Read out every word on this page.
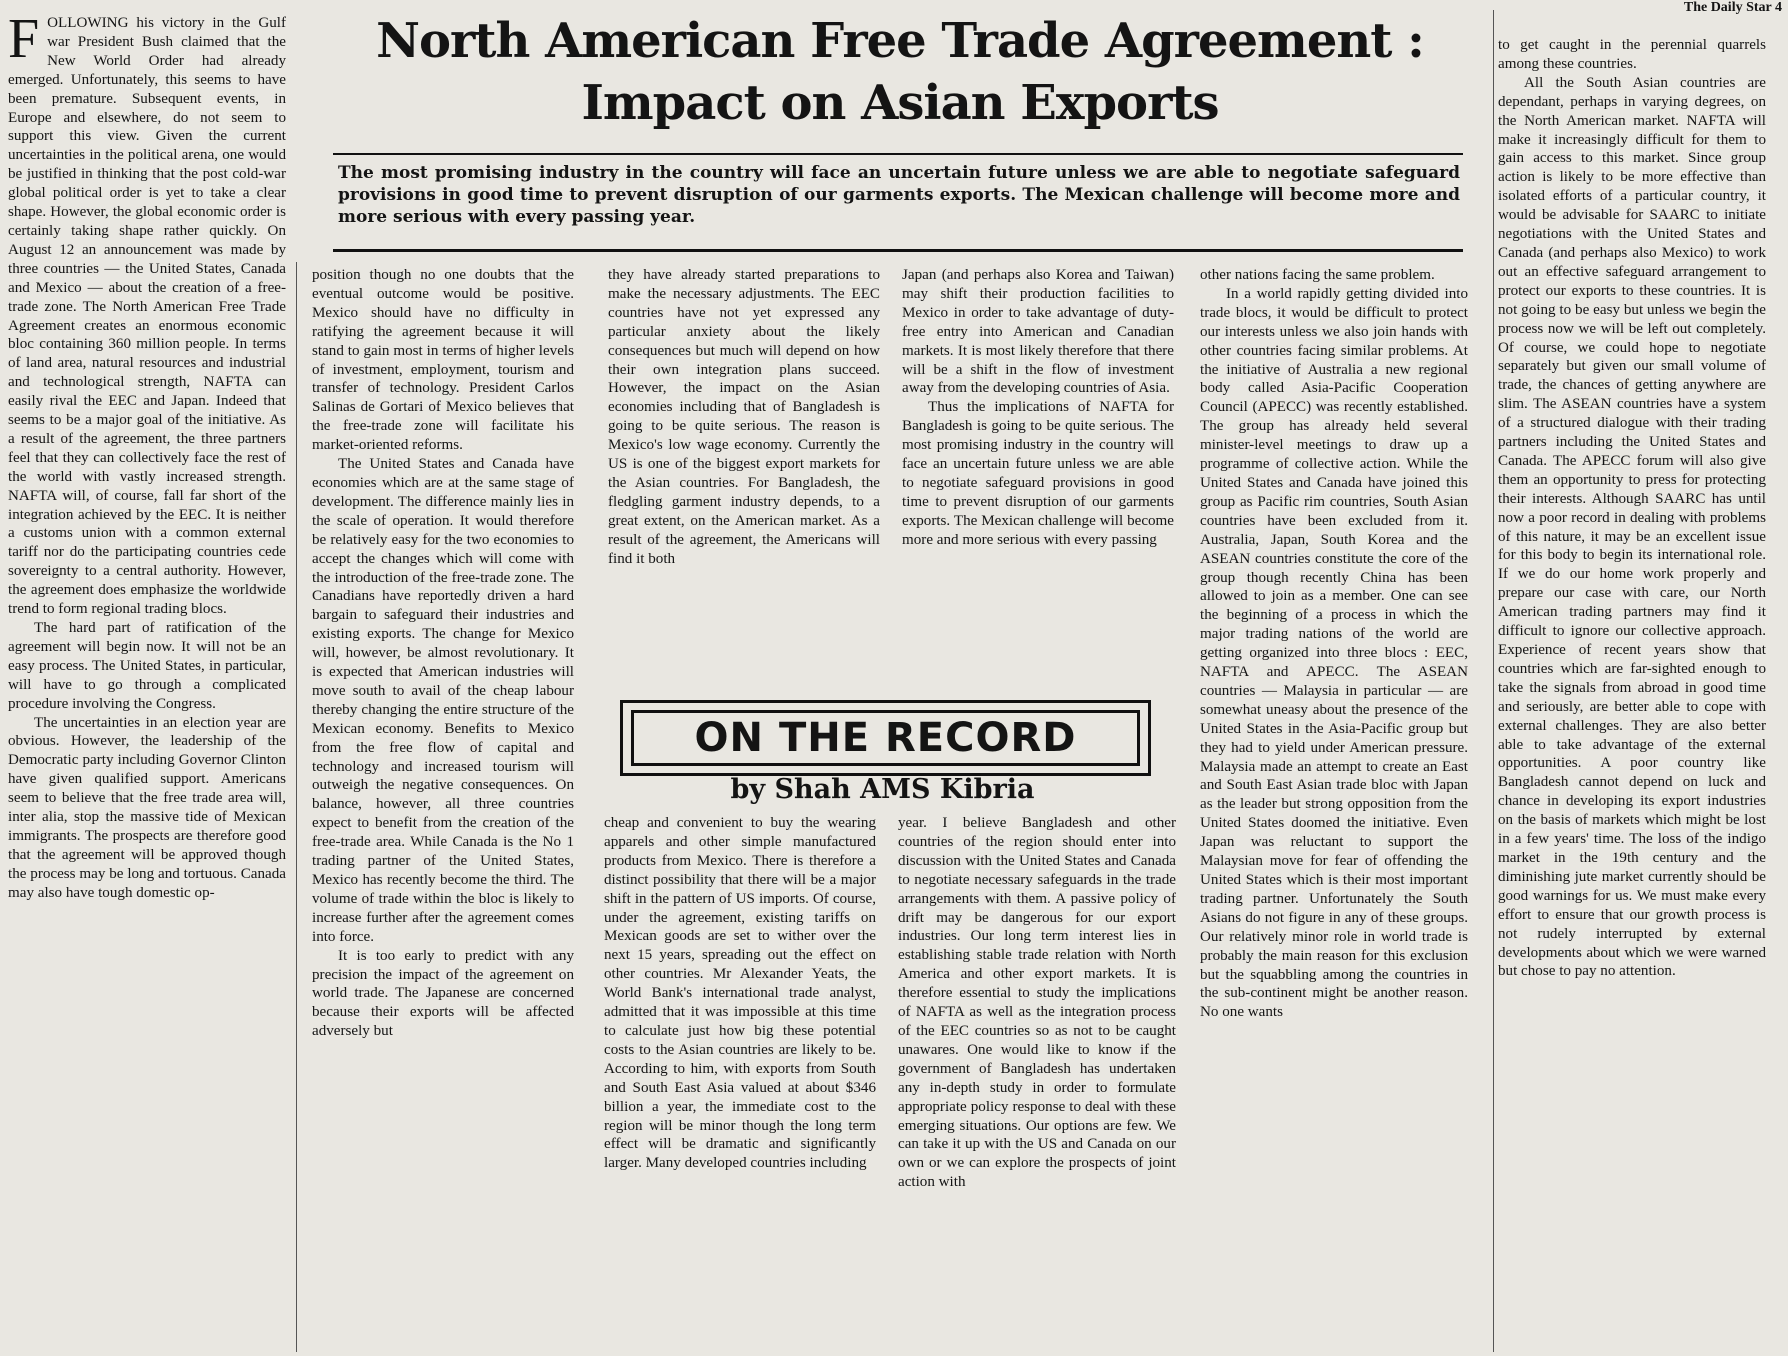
The Daily Star 4
North American Free Trade Agreement :
Impact on Asian Exports
The most promising industry in the country will face an uncertain future unless we are able to negotiate safeguard provisions in good time to prevent disruption of our garments exports. The Mexican challenge will become more and more serious with every passing year.
F OLLOWING his victory in the Gulf war President Bush claimed that the New World Order had already emerged. Unfortunately, this seems to have been premature. Subsequent events, in Europe and elsewhere, do not seem to support this view. Given the current uncertainties in the political arena, one would be justified in thinking that the post cold-war global political order is yet to take a clear shape. However, the global economic order is certainly taking shape rather quickly. On August 12 an announcement was made by three countries — the United States, Canada and Mexico — about the creation of a free-trade zone. The North American Free Trade Agreement creates an enormous economic bloc containing 360 million people. In terms of land area, natural resources and industrial and technological strength, NAFTA can easily rival the EEC and Japan. Indeed that seems to be a major goal of the initiative. As a result of the agreement, the three partners feel that they can collectively face the rest of the world with vastly increased strength. NAFTA will, of course, fall far short of the integration achieved by the EEC. It is neither a customs union with a common external tariff nor do the participating countries cede sovereignty to a central authority. However, the agreement does emphasize the worldwide trend to form regional trading blocs.

The hard part of ratification of the agreement will begin now. It will not be an easy process. The United States, in particular, will have to go through a complicated procedure involving the Congress.

The uncertainties in an election year are obvious. However, the leadership of the Democratic party including Governor Clinton have given qualified support. Americans seem to believe that the free trade area will, inter alia, stop the massive tide of Mexican immigrants. The prospects are therefore good that the agreement will be approved though the process may be long and tortuous. Canada may also have tough domestic op-

position though no one doubts that the eventual outcome would be positive. Mexico should have no difficulty in ratifying the agreement because it will stand to gain most in terms of higher levels of investment, employment, tourism and transfer of technology. President Carlos Salinas de Gortari of Mexico believes that the free-trade zone will facilitate his market-oriented reforms.

The United States and Canada have economies which are at the same stage of development. The difference mainly lies in the scale of operation. It would therefore be relatively easy for the two economies to accept the changes which will come with the introduction of the free-trade zone. The Canadians have reportedly driven a hard bargain to safeguard their industries and existing exports. The change for Mexico will, however, be almost revolutionary. It is expected that American industries will move south to avail of the cheap labour thereby changing the entire structure of the Mexican economy. Benefits to Mexico from the free flow of capital and technology and increased tourism will outweigh the negative consequences. On balance, however, all three countries expect to benefit from the creation of the free-trade area. While Canada is the No 1 trading partner of the United States, Mexico has recently become the third. The volume of trade within the bloc is likely to increase further after the agreement comes into force.

It is too early to predict with any precision the impact of the agreement on world trade. The Japanese are concerned because their exports will be affected adversely but

they have already started preparations to make the necessary adjustments. The EEC countries have not yet expressed any particular anxiety about the likely consequences but much will depend on how their own integration plans succeed. However, the impact on the Asian economies including that of Bangladesh is going to be quite serious. The reason is Mexico's low wage economy. Currently the US is one of the biggest export markets for the Asian countries. For Bangladesh, the fledgling garment industry depends, to a great extent, on the American market. As a result of the agreement, the Americans will find it both

Japan (and perhaps also Korea and Taiwan) may shift their production facilities to Mexico in order to take advantage of duty-free entry into American and Canadian markets. It is most likely therefore that there will be a shift in the flow of investment away from the developing countries of Asia.

Thus the implications of NAFTA for Bangladesh is going to be quite serious. The most promising industry in the country will face an uncertain future unless we are able to negotiate safeguard provisions in good time to prevent disruption of our garments exports. The Mexican challenge will become more and more serious with every passing

ON THE RECORD
by Shah AMS Kibria

cheap and convenient to buy the wearing apparels and other simple manufactured products from Mexico. There is therefore a distinct possibility that there will be a major shift in the pattern of US imports. Of course, under the agreement, existing tariffs on Mexican goods are set to wither over the next 15 years, spreading out the effect on other countries. Mr Alexander Yeats, the World Bank's international trade analyst, admitted that it was impossible at this time to calculate just how big these potential costs to the Asian countries are likely to be. According to him, with exports from South and South East Asia valued at about $346 billion a year, the immediate cost to the region will be minor though the long term effect will be dramatic and significantly larger. Many developed countries including

year. I believe Bangladesh and other countries of the region should enter into discussion with the United States and Canada to negotiate necessary safeguards in the trade arrangements with them. A passive policy of drift may be dangerous for our export industries. Our long term interest lies in establishing stable trade relation with North America and other export markets. It is therefore essential to study the implications of NAFTA as well as the integration process of the EEC countries so as not to be caught unawares. One would like to know if the government of Bangladesh has undertaken any in-depth study in order to formulate appropriate policy response to deal with these emerging situations. Our options are few. We can take it up with the US and Canada on our own or we can explore the prospects of joint action with

other nations facing the same problem.

In a world rapidly getting divided into trade blocs, it would be difficult to protect our interests unless we also join hands with other countries facing similar problems. At the initiative of Australia a new regional body called Asia-Pacific Cooperation Council (APECC) was recently established. The group has already held several minister-level meetings to draw up a programme of collective action. While the United States and Canada have joined this group as Pacific rim countries, South Asian countries have been excluded from it. Australia, Japan, South Korea and the ASEAN countries constitute the core of the group though recently China has been allowed to join as a member. One can see the beginning of a process in which the major trading nations of the world are getting organized into three blocs : EEC, NAFTA and APECC. The ASEAN countries — Malaysia in particular — are somewhat uneasy about the presence of the United States in the Asia-Pacific group but they had to yield under American pressure. Malaysia made an attempt to create an East and South East Asian trade bloc with Japan as the leader but strong opposition from the United States doomed the initiative. Even Japan was reluctant to support the Malaysian move for fear of offending the United States which is their most important trading partner. Unfortunately the South Asians do not figure in any of these groups. Our relatively minor role in world trade is probably the main reason for this exclusion but the squabbling among the countries in the sub-continent might be another reason. No one wants

to get caught in the perennial quarrels among these countries.

All the South Asian countries are dependant, perhaps in varying degrees, on the North American market. NAFTA will make it increasingly difficult for them to gain access to this market. Since group action is likely to be more effective than isolated efforts of a particular country, it would be advisable for SAARC to initiate negotiations with the United States and Canada (and perhaps also Mexico) to work out an effective safeguard arrangement to protect our exports to these countries. It is not going to be easy but unless we begin the process now we will be left out completely. Of course, we could hope to negotiate separately but given our small volume of trade, the chances of getting anywhere are slim. The ASEAN countries have a system of a structured dialogue with their trading partners including the United States and Canada. The APECC forum will also give them an opportunity to press for protecting their interests. Although SAARC has until now a poor record in dealing with problems of this nature, it may be an excellent issue for this body to begin its international role. If we do our home work properly and prepare our case with care, our North American trading partners may find it difficult to ignore our collective approach. Experience of recent years show that countries which are far-sighted enough to take the signals from abroad in good time and seriously, are better able to cope with external challenges. They are also better able to take advantage of the external opportunities. A poor country like Bangladesh cannot depend on luck and chance in developing its export industries on the basis of markets which might be lost in a few years' time. The loss of the indigo market in the 19th century and the diminishing jute market currently should be good warnings for us. We must make every effort to ensure that our growth process is not rudely interrupted by external developments about which we were warned but chose to pay no attention.
